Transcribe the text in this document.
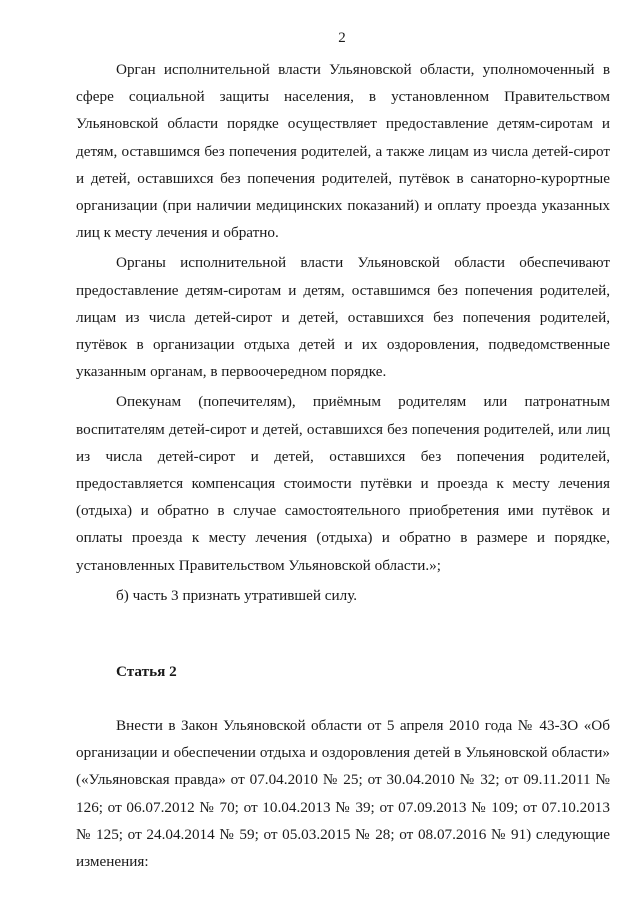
2

Орган исполнительной власти Ульяновской области, уполномоченный в сфере социальной защиты населения, в установленном Правительством Ульяновской области порядке осуществляет предоставление детям-сиротам и детям, оставшимся без попечения родителей, а также лицам из числа детей-сирот и детей, оставшихся без попечения родителей, путёвок в санаторно-курортные организации (при наличии медицинских показаний) и оплату проезда указанных лиц к месту лечения и обратно.

Органы исполнительной власти Ульяновской области обеспечивают предоставление детям-сиротам и детям, оставшимся без попечения родителей, лицам из числа детей-сирот и детей, оставшихся без попечения родителей, путёвок в организации отдыха детей и их оздоровления, подведомственные указанным органам, в первоочередном порядке.

Опекунам (попечителям), приёмным родителям или патронатным воспитателям детей-сирот и детей, оставшихся без попечения родителей, или лиц из числа детей-сирот и детей, оставшихся без попечения родителей, предоставляется компенсация стоимости путёвки и проезда к месту лечения (отдыха) и обратно в случае самостоятельного приобретения ими путёвок и оплаты проезда к месту лечения (отдыха) и обратно в размере и порядке, установленных Правительством Ульяновской области.»;

б) часть 3 признать утратившей силу.

Статья 2

Внести в Закон Ульяновской области от 5 апреля 2010 года № 43-ЗО «Об организации и обеспечении отдыха и оздоровления детей в Ульяновской области» («Ульяновская правда» от 07.04.2010 № 25; от 30.04.2010 № 32; от 09.11.2011 № 126; от 06.07.2012 № 70; от 10.04.2013 № 39; от 07.09.2013 № 109; от 07.10.2013 № 125; от 24.04.2014 № 59; от 05.03.2015 № 28; от 08.07.2016 № 91) следующие изменения:
